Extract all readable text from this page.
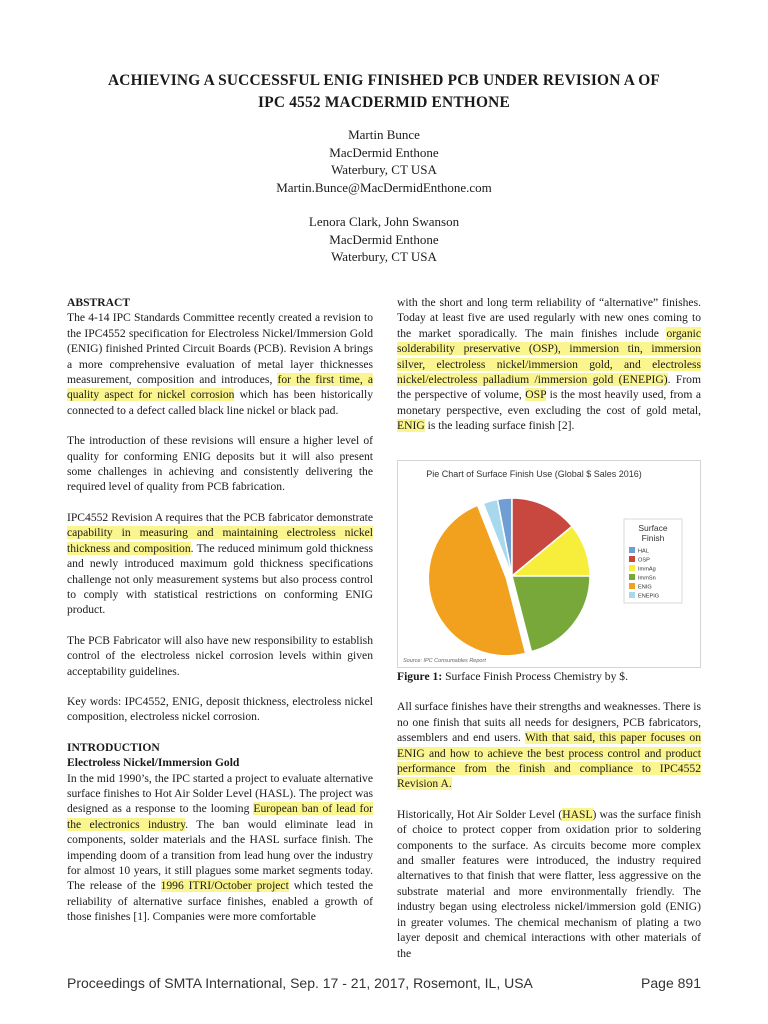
ACHIEVING A SUCCESSFUL ENIG FINISHED PCB UNDER REVISION A OF
IPC 4552 MACDERMID ENTHONE
Martin Bunce
MacDermid Enthone
Waterbury, CT USA
Martin.Bunce@MacDermidEnthone.com
Lenora Clark, John Swanson
MacDermid Enthone
Waterbury, CT USA
ABSTRACT

The 4-14 IPC Standards Committee recently created a revision to the IPC4552 specification for Electroless Nickel/Immersion Gold (ENIG) finished Printed Circuit Boards (PCB). Revision A brings a more comprehensive evaluation of metal layer thicknesses measurement, composition and introduces, for the first time, a quality aspect for nickel corrosion which has been historically connected to a defect called black line nickel or black pad.

The introduction of these revisions will ensure a higher level of quality for conforming ENIG deposits but it will also present some challenges in achieving and consistently delivering the required level of quality from PCB fabrication.

IPC4552 Revision A requires that the PCB fabricator demonstrate capability in measuring and maintaining electroless nickel thickness and composition. The reduced minimum gold thickness and newly introduced maximum gold thickness specifications challenge not only measurement systems but also process control to comply with statistical restrictions on conforming ENIG product.

The PCB Fabricator will also have new responsibility to establish control of the electroless nickel corrosion levels within given acceptability guidelines.

Key words: IPC4552, ENIG, deposit thickness, electroless nickel composition, electroless nickel corrosion.

INTRODUCTION
Electroless Nickel/Immersion Gold

In the mid 1990’s, the IPC started a project to evaluate alternative surface finishes to Hot Air Solder Level (HASL). The project was designed as a response to the looming European ban of lead for the electronics industry. The ban would eliminate lead in components, solder materials and the HASL surface finish. The impending doom of a transition from lead hung over the industry for almost 10 years, it still plagues some market segments today. The release of the 1996 ITRI/October project which tested the reliability of alternative surface finishes, enabled a growth of those finishes [1]. Companies were more comfortable

with the short and long term reliability of “alternative” finishes. Today at least five are used regularly with new ones coming to the market sporadically. The main finishes include organic solderability preservative (OSP), immersion tin, immersion silver, electroless nickel/immersion gold, and electroless nickel/electroless palladium /immersion gold (ENEPIG). From the perspective of volume, OSP is the most heavily used, from a monetary perspective, even excluding the cost of gold metal, ENIG is the leading surface finish [2].

Pie Chart of Surface Finish Use (Global $ Sales 2016)
Surface
Finish
HAL
OSP
ImmAg
ImmSn
ENIG
ENEPIG
Source: IPC Consumables Report

Figure 1: Surface Finish Process Chemistry by $.

All surface finishes have their strengths and weaknesses. There is no one finish that suits all needs for designers, PCB fabricators, assemblers and end users. With that said, this paper focuses on ENIG and how to achieve the best process control and product performance from the finish and compliance to IPC4552 Revision A.

Historically, Hot Air Solder Level (HASL) was the surface finish of choice to protect copper from oxidation prior to soldering components to the surface. As circuits become more complex and smaller features were introduced, the industry required alternatives to that finish that were flatter, less aggressive on the substrate material and more environmentally friendly. The industry began using electroless nickel/immersion gold (ENIG) in greater volumes. The chemical mechanism of plating a two layer deposit and chemical interactions with other materials of the

Proceedings of SMTA International, Sep. 17 - 21, 2017, Rosemont, IL, USA	Page 891
